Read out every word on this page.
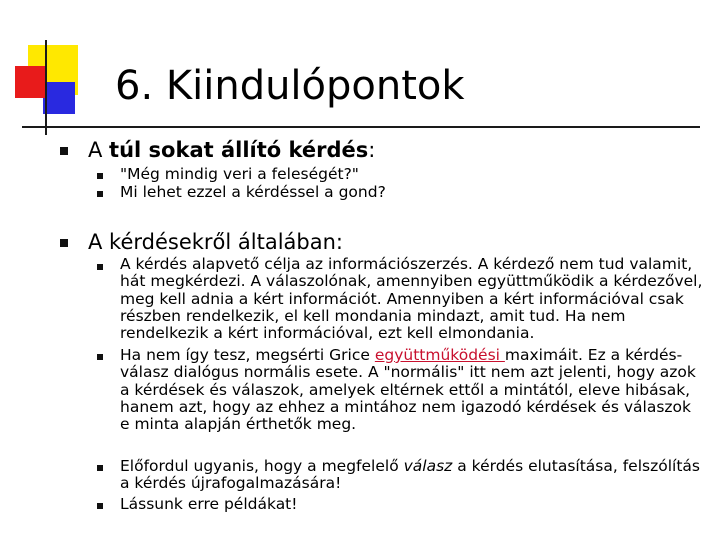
6. Kiindulópontok
A túl sokat állító kérdés:
"Még mindig veri a feleségét?"
Mi lehet ezzel a kérdéssel a gond?
A kérdésekről általában:
A kérdés alapvető célja az információszerzés. A kérdező nem tud valamit, hát megkérdezi. A válaszolónak, amennyiben együttműködik a kérdezővel, meg kell adnia a kért információt. Amennyiben a kért információval csak részben rendelkezik, el kell mondania mindazt, amit tud. Ha nem rendelkezik a kért információval, ezt kell elmondania.
Ha nem így tesz, megsérti Grice együttműködési maximáit. Ez a kérdés-válasz dialógus normális esete. A "normális" itt nem azt jelenti, hogy azok a kérdések és válaszok, amelyek eltérnek ettől a mintától, eleve hibásak, hanem azt, hogy az ehhez a mintához nem igazodó kérdések és válaszok e minta alapján érthetők meg.
Előfordul ugyanis, hogy a megfelelő válasz a kérdés elutasítása, felszólítás a kérdés újrafogalmazására!
Lássunk erre példákat!
